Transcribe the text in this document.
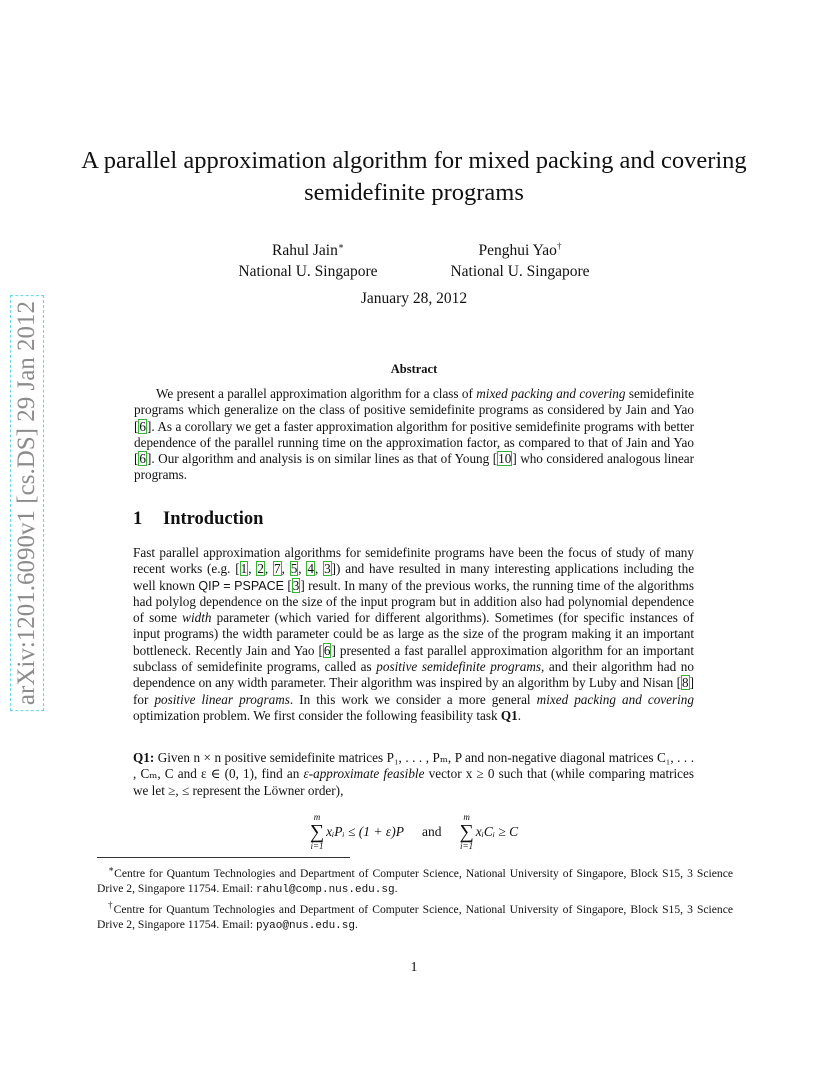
arXiv:1201.6090v1 [cs.DS] 29 Jan 2012
A parallel approximation algorithm for mixed packing and covering semidefinite programs
Rahul Jain∗
National U. Singapore
Penghui Yao†
National U. Singapore
January 28, 2012
Abstract
We present a parallel approximation algorithm for a class of mixed packing and covering semidefinite programs which generalize on the class of positive semidefinite programs as considered by Jain and Yao [6]. As a corollary we get a faster approximation algorithm for positive semidefinite programs with better dependence of the parallel running time on the approximation factor, as compared to that of Jain and Yao [6]. Our algorithm and analysis is on similar lines as that of Young [10] who considered analogous linear programs.
1 Introduction
Fast parallel approximation algorithms for semidefinite programs have been the focus of study of many recent works (e.g. [1, 2, 7, 5, 4, 3]) and have resulted in many interesting applications including the well known QIP = PSPACE [3] result. In many of the previous works, the running time of the algorithms had polylog dependence on the size of the input program but in addition also had polynomial dependence of some width parameter (which varied for different algorithms). Sometimes (for specific instances of input programs) the width parameter could be as large as the size of the program making it an important bottleneck. Recently Jain and Yao [6] presented a fast parallel approximation algorithm for an important subclass of semidefinite programs, called as positive semidefinite programs, and their algorithm had no dependence on any width parameter. Their algorithm was inspired by an algorithm by Luby and Nisan [8] for positive linear programs. In this work we consider a more general mixed packing and covering optimization problem. We first consider the following feasibility task Q1.
Q1: Given n × n positive semidefinite matrices P₁, . . . , Pₘ, P and non-negative diagonal matrices C₁, . . . , Cₘ, C and ε ∈ (0, 1), find an ε-approximate feasible vector x ≥ 0 such that (while comparing matrices we let ≥, ≤ represent the Löwner order),
m
∑
i=1
xᵢPᵢ ≤ (1 + ε)P and
m
∑
i=1
xᵢCᵢ ≥ C

∗Centre for Quantum Technologies and Department of Computer Science, National University of Singapore, Block S15, 3 Science Drive 2, Singapore 11754. Email: rahul@comp.nus.edu.sg.

†Centre for Quantum Technologies and Department of Computer Science, National University of Singapore, Block S15, 3 Science Drive 2, Singapore 11754. Email: pyao@nus.edu.sg.

1
